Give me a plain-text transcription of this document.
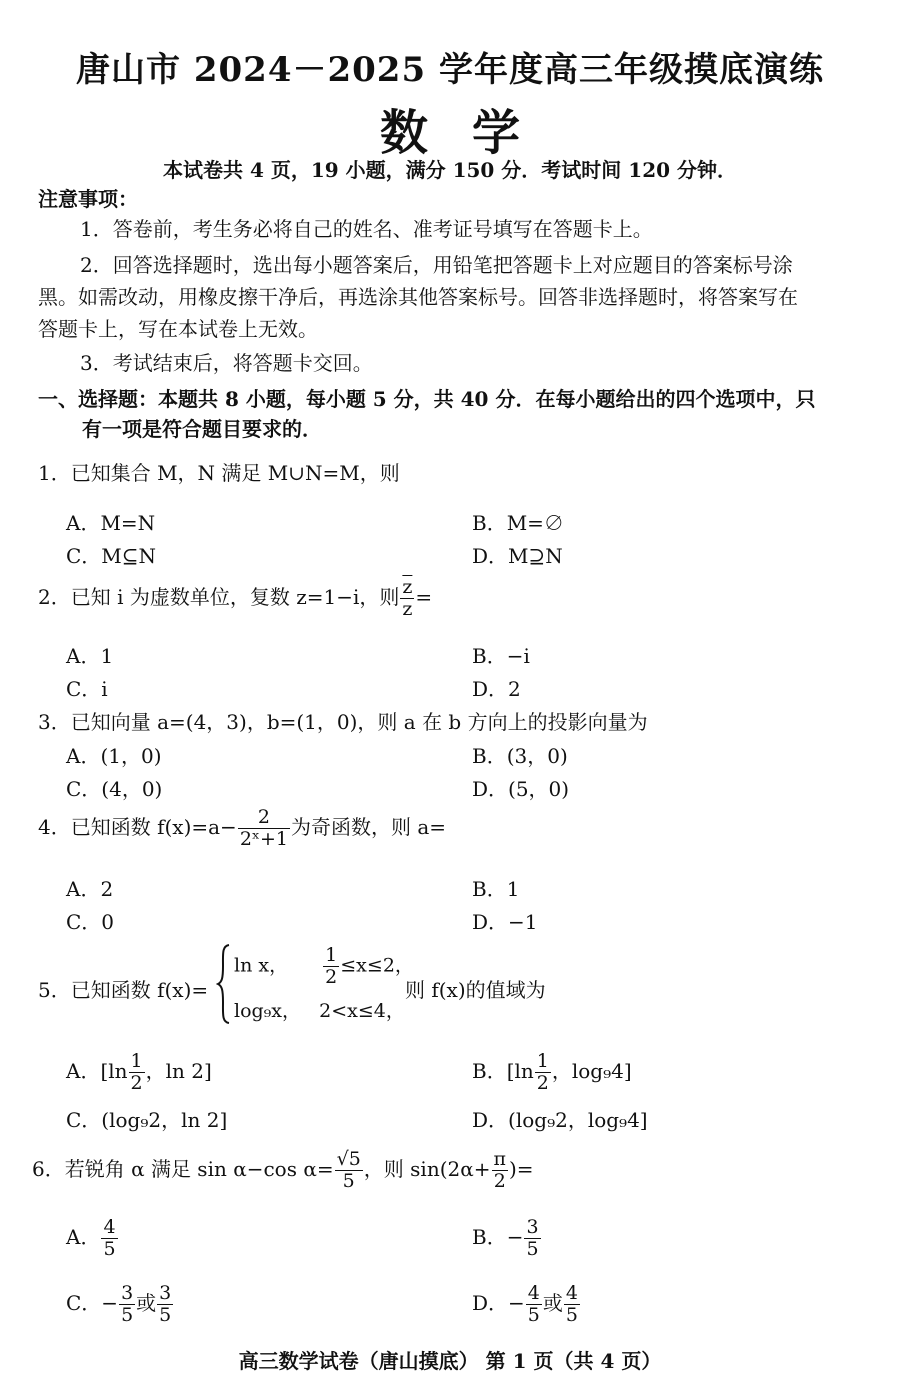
唐山市 2024－2025 学年度高三年级摸底演练
数学
本试卷共 4 页，19 小题，满分 150 分．考试时间 120 分钟．
注意事项：
1．答卷前，考生务必将自己的姓名、准考证号填写在答题卡上。
2．回答选择题时，选出每小题答案后，用铅笔把答题卡上对应题目的答案标号涂
黑。如需改动，用橡皮擦干净后，再选涂其他答案标号。回答非选择题时，将答案写在
答题卡上，写在本试卷上无效。
3．考试结束后，将答题卡交回。
一、选择题：本题共 8 小题，每小题 5 分，共 40 分．在每小题给出的四个选项中，只
有一项是符合题目要求的．
1．已知集合 M，N 满足 M∪N=M，则
A．M=N	B．M=∅
C．M⊆N	D．M⊇N
2．已知 i 为虚数单位，复数 z=1−i，则 $\frac{\overline{z}}{z}$ =
A．1	B．−i
C．i	D．2
3．已知向量 a=(4，3)，b=(1，0)，则 a 在 b 方向上的投影向量为
A．(1，0)	B．(3，0)
C．(4，0)	D．(5，0)
4．已知函数 $f(x)=a- \frac{2}{\text{2ˣ+1}}$ 为奇函数，则 a=
A．2	B．1
C．0	D．−1
5．已知函数 f(x)=
ln x， $\frac{1}{2} \le x\le 2$，
log₉x， 2<x≤4，
则 f(x)的值域为
A．[$\ln \frac{1}{2}$ ，ln 2]	B．[$\ln \frac{1}{2}$ ，log₉4]
C．(log₉2，ln 2]	D．(log₉2，log₉4]
6．若锐角 α 满足 sin α−cos $\alpha= \frac{√5}{5}$ ，则 $\sin(2\alpha+ \frac{\pi}{2}$ )=
A． $\frac{4}{5}$	B．− $\frac{3}{5}$
C．− $\frac{3}{5}$ 或 $\frac{3}{5}$	D．− $\frac{4}{5}$ 或 $\frac{4}{5}$
高三数学试卷（唐山摸底） 第 1 页（共 4 页）
